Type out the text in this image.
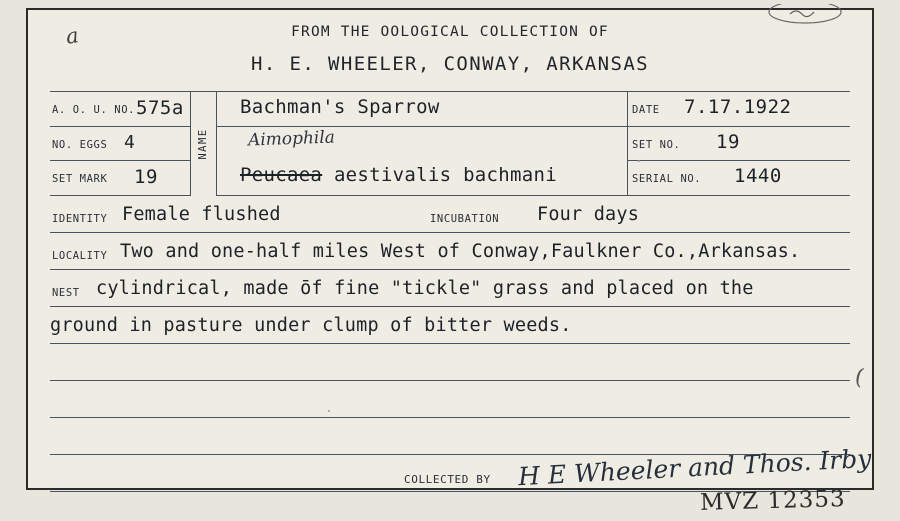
a	FROM THE OOLOGICAL COLLECTION OF
H. E. WHEELER, CONWAY, ARKANSAS
A. O. U. NO. 575a
NO. EGGS 4
SET MARK 19
NAME
Bachman's Sparrow
Aimophila
Peucaea aestivalis bachmani
DATE 7.17.1922
SET NO. 19
SERIAL NO. 1440
IDENTITY Female flushed	INCUBATION Four days
LOCALITY Two and one-half miles West of Conway,Faulkner Co.,Arkansas.
NEST cylindrical, made ōf fine "tickle" grass and placed on the
ground in pasture under clump of bitter weeds.
COLLECTED BY H E Wheeler and Thos. Irby
(
MVZ 12353
